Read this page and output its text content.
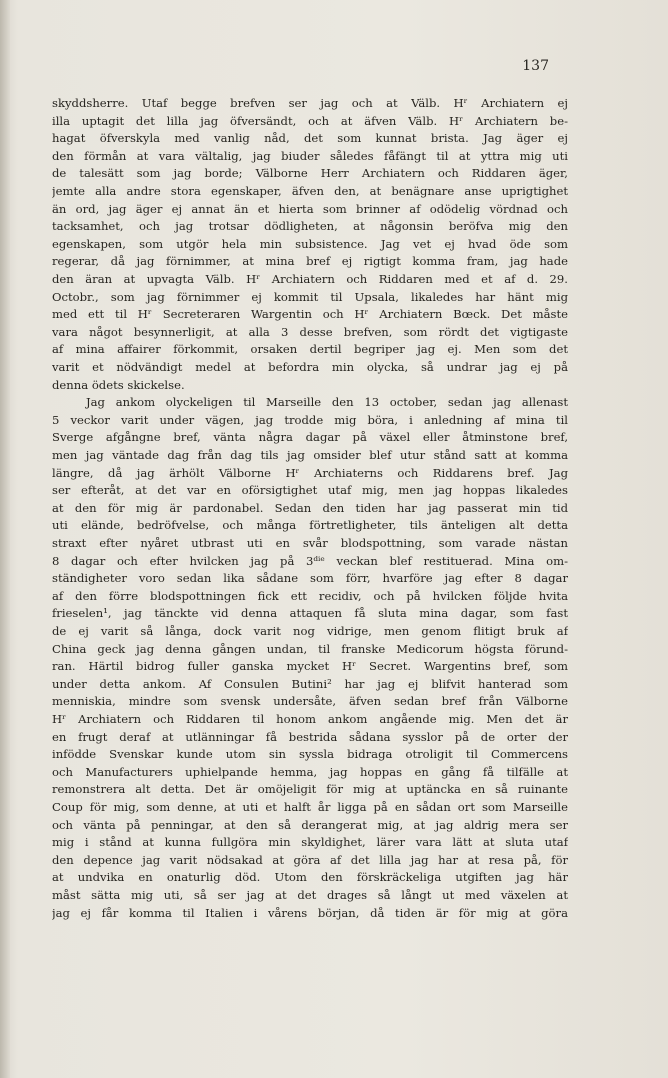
137
skyddsherre. Utaf begge brefven ser jag och at Välb. Hʳ Archiatern ej
illa uptagit det lilla jag öfversändt, och at äfven Välb. Hʳ Archiatern be-
hagat öfverskyla med vanlig nåd, det som kunnat brista. Jag äger ej
den förmån at vara vältalig, jag biuder således fåfängt til at yttra mig uti
de talesätt som jag borde; Välborne Herr Archiatern och Riddaren äger,
jemte alla andre stora egenskaper, äfven den, at benägnare anse uprigtighet
än ord, jag äger ej annat än et hierta som brinner af odödelig vördnad och
tacksamhet, och jag trotsar dödligheten, at någonsin beröfva mig den
egenskapen, som utgör hela min subsistence. Jag vet ej hvad öde som
regerar, då jag förnimmer, at mina bref ej rigtigt komma fram, jag hade
den äran at upvagta Välb. Hʳ Archiatern och Riddaren med et af d. 29.
Octobr., som jag förnimmer ej kommit til Upsala, likaledes har hänt mig
med ett til Hʳ Secreteraren Wargentin och Hʳ Archiatern Bœck. Det måste
vara något besynnerligit, at alla 3 desse brefven, som rördt det vigtigaste
af mina affairer förkommit, orsaken dertil begriper jag ej. Men som det
varit et nödvändigt medel at befordra min olycka, så undrar jag ej på
denna ödets skickelse.
Jag ankom olyckeligen til Marseille den 13 october, sedan jag allenast
5 veckor varit under vägen, jag trodde mig böra, i anledning af mina til
Sverge afgångne bref, vänta några dagar på växel eller åtminstone bref,
men jag väntade dag från dag tils jag omsider blef utur stånd satt at komma
längre, då jag ärhölt Välborne Hʳ Archiaterns och Riddarens bref. Jag
ser efteråt, at det var en oförsigtighet utaf mig, men jag hoppas likaledes
at den för mig är pardonabel. Sedan den tiden har jag passerat min tid
uti elände, bedröfvelse, och många förtretligheter, tils änteligen alt detta
straxt efter nyåret utbrast uti en svår blodspottning, som varade nästan
8 dagar och efter hvilcken jag på 3ᵈⁱᵉ veckan blef restituerad. Mina om-
ständigheter voro sedan lika sådane som förr, hvarföre jag efter 8 dagar
af den förre blodspottningen fick ett recidiv, och på hvilcken följde hvita
frieselen¹, jag tänckte vid denna attaquen få sluta mina dagar, som fast
de ej varit så långa, dock varit nog vidrige, men genom flitigt bruk af
China geck jag denna gången undan, til franske Medicorum högsta förund-
ran. Härtil bidrog fuller ganska mycket Hʳ Secret. Wargentins bref, som
under detta ankom. Af Consulen Butini² har jag ej blifvit hanterad som
menniskia, mindre som svensk undersåte, äfven sedan bref från Välborne
Hʳ Archiatern och Riddaren til honom ankom angående mig. Men det är
en frugt deraf at utlänningar få bestrida sådana sysslor på de orter der
infödde Svenskar kunde utom sin syssla bidraga otroligit til Commercens
och Manufacturers uphielpande hemma, jag hoppas en gång få tilfälle at
remonstrera alt detta. Det är omöjeligit för mig at uptäncka en så ruinante
Coup för mig, som denne, at uti et halft år ligga på en sådan ort som Marseille
och vänta på penningar, at den så derangerat mig, at jag aldrig mera ser
mig i stånd at kunna fullgöra min skyldighet, lärer vara lätt at sluta utaf
den depence jag varit nödsakad at göra af det lilla jag har at resa på, för
at undvika en onaturlig död. Utom den förskräckeliga utgiften jag här
måst sätta mig uti, så ser jag at det drages så långt ut med växelen at
jag ej får komma til Italien i vårens början, då tiden är för mig at göra
